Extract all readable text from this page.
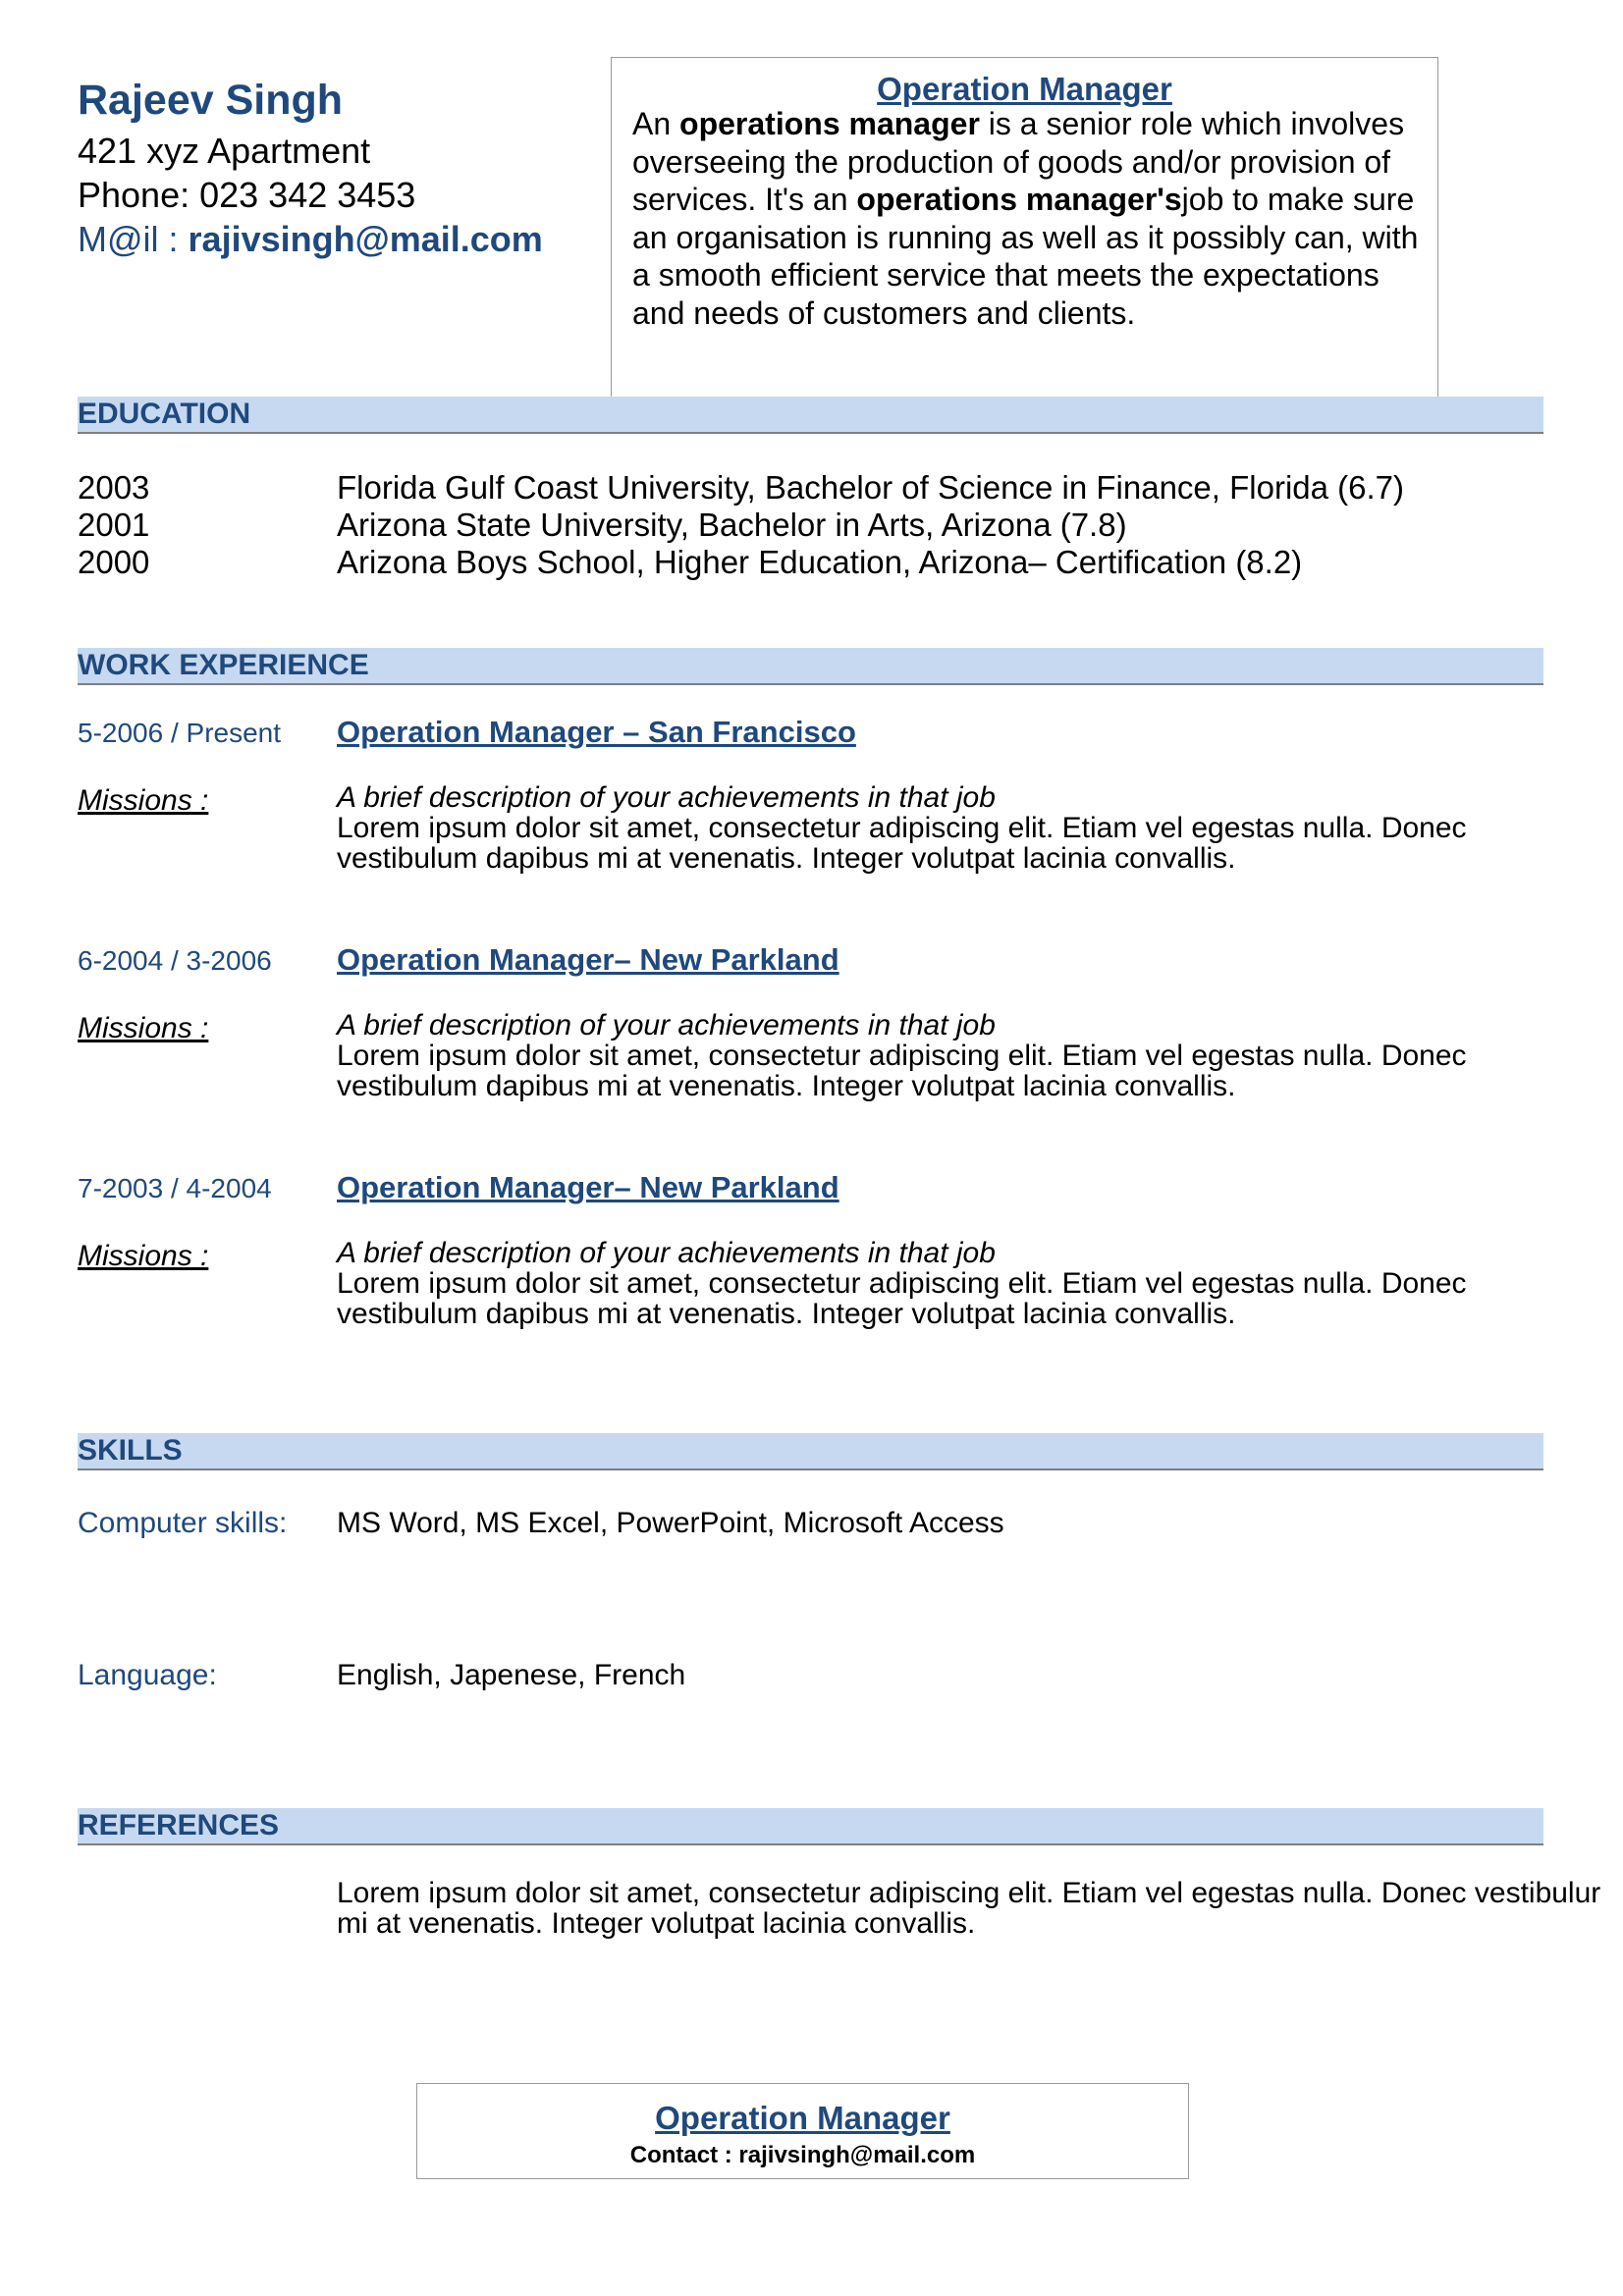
Rajeev Singh
421 xyz Apartment
Phone: 023 342 3453
M@il : rajivsingh@mail.com
Operation Manager
An operations manager is a senior role which involves overseeing the production of goods and/or provision of services. It's an operations manager'sjob to make sure an organisation is running as well as it possibly can, with a smooth efficient service that meets the expectations and needs of customers and clients.
EDUCATION
2003	Florida Gulf Coast University, Bachelor of Science in Finance, Florida (6.7)
2001	Arizona State University, Bachelor in Arts, Arizona (7.8)
2000	Arizona Boys School, Higher Education, Arizona– Certification (8.2)
WORK EXPERIENCE
5-2006 / Present Operation Manager – San Francisco
Missions :	A brief description of your achievements in that job
Lorem ipsum dolor sit amet, consectetur adipiscing elit. Etiam vel egestas nulla. Donec
vestibulum dapibus mi at venenatis. Integer volutpat lacinia convallis.
6-2004 / 3-2006 Operation Manager– New Parkland
Missions :	A brief description of your achievements in that job
Lorem ipsum dolor sit amet, consectetur adipiscing elit. Etiam vel egestas nulla. Donec
vestibulum dapibus mi at venenatis. Integer volutpat lacinia convallis.
7-2003 / 4-2004 Operation Manager– New Parkland
Missions :	A brief description of your achievements in that job
Lorem ipsum dolor sit amet, consectetur adipiscing elit. Etiam vel egestas nulla. Donec
vestibulum dapibus mi at venenatis. Integer volutpat lacinia convallis.
SKILLS
Computer skills: MS Word, MS Excel, PowerPoint, Microsoft Access
Language:	English, Japenese, French
REFERENCES
Lorem ipsum dolor sit amet, consectetur adipiscing elit. Etiam vel egestas nulla. Donec vestibulur
mi at venenatis. Integer volutpat lacinia convallis.
Operation Manager
Contact : rajivsingh@mail.com
